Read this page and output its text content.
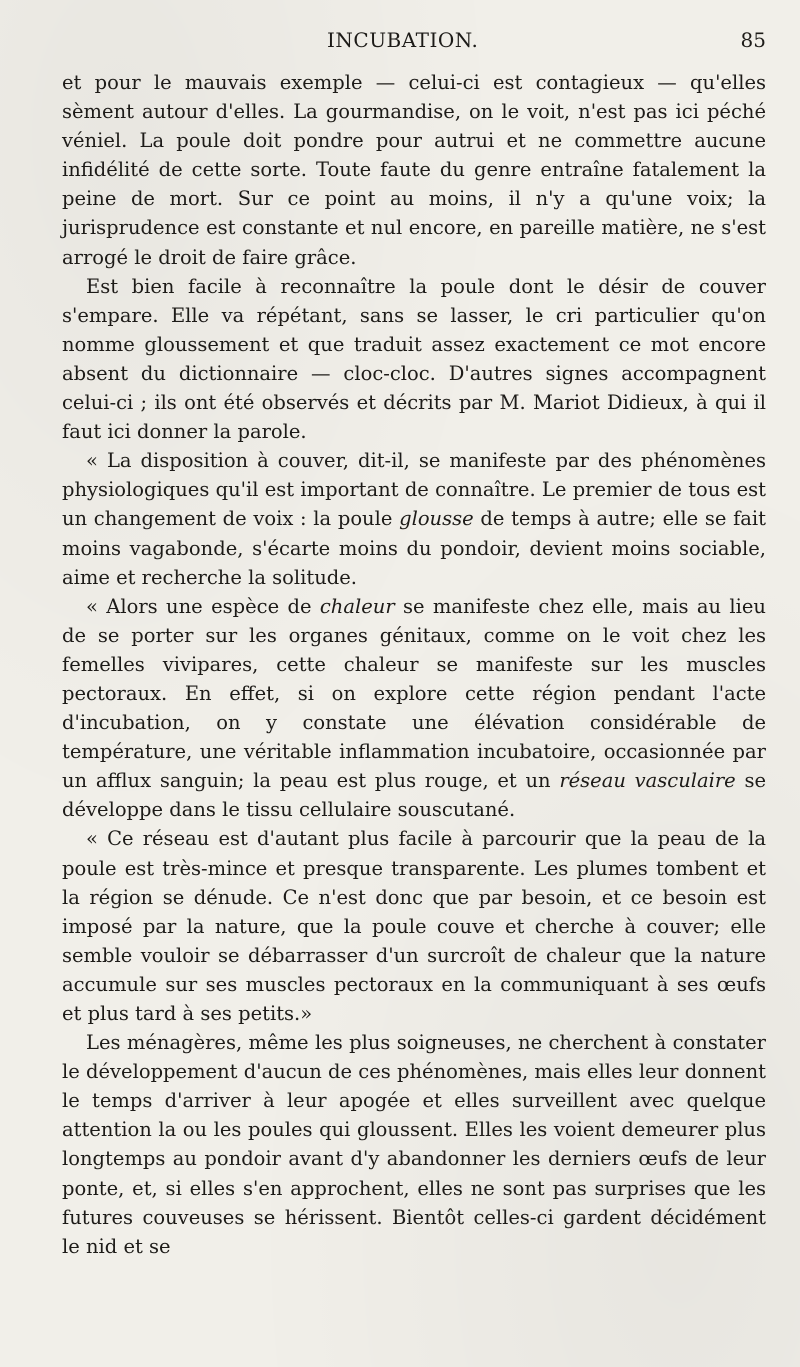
INCUBATION.	85

et pour le mauvais exemple — celui-ci est contagieux — qu'elles sèment autour d'elles. La gourmandise, on le voit, n'est pas ici péché véniel. La poule doit pondre pour autrui et ne commettre aucune infidélité de cette sorte. Toute faute du genre entraîne fatalement la peine de mort. Sur ce point au moins, il n'y a qu'une voix; la jurisprudence est constante et nul encore, en pareille matière, ne s'est arrogé le droit de faire grâce.

Est bien facile à reconnaître la poule dont le désir de couver s'empare. Elle va répétant, sans se lasser, le cri particulier qu'on nomme gloussement et que traduit assez exactement ce mot encore absent du dictionnaire — cloc-cloc. D'autres signes accompagnent celui-ci ; ils ont été observés et décrits par M. Mariot Didieux, à qui il faut ici donner la parole.

« La disposition à couver, dit-il, se manifeste par des phénomènes physiologiques qu'il est important de connaître. Le premier de tous est un changement de voix : la poule glousse de temps à autre; elle se fait moins vagabonde, s'écarte moins du pondoir, devient moins sociable, aime et recherche la solitude.

« Alors une espèce de chaleur se manifeste chez elle, mais au lieu de se porter sur les organes génitaux, comme on le voit chez les femelles vivipares, cette chaleur se manifeste sur les muscles pectoraux. En effet, si on explore cette région pendant l'acte d'incubation, on y constate une élévation considérable de température, une véritable inflammation incubatoire, occasionnée par un afflux sanguin; la peau est plus rouge, et un réseau vasculaire se développe dans le tissu cellulaire souscutané.

« Ce réseau est d'autant plus facile à parcourir que la peau de la poule est très-mince et presque transparente. Les plumes tombent et la région se dénude. Ce n'est donc que par besoin, et ce besoin est imposé par la nature, que la poule couve et cherche à couver; elle semble vouloir se débarrasser d'un surcroît de chaleur que la nature accumule sur ses muscles pectoraux en la communiquant à ses œufs et plus tard à ses petits.»

Les ménagères, même les plus soigneuses, ne cherchent à constater le développement d'aucun de ces phénomènes, mais elles leur donnent le temps d'arriver à leur apogée et elles surveillent avec quelque attention la ou les poules qui gloussent. Elles les voient demeurer plus longtemps au pondoir avant d'y abandonner les derniers œufs de leur ponte, et, si elles s'en approchent, elles ne sont pas surprises que les futures couveuses se hérissent. Bientôt celles-ci gardent décidément le nid et se
